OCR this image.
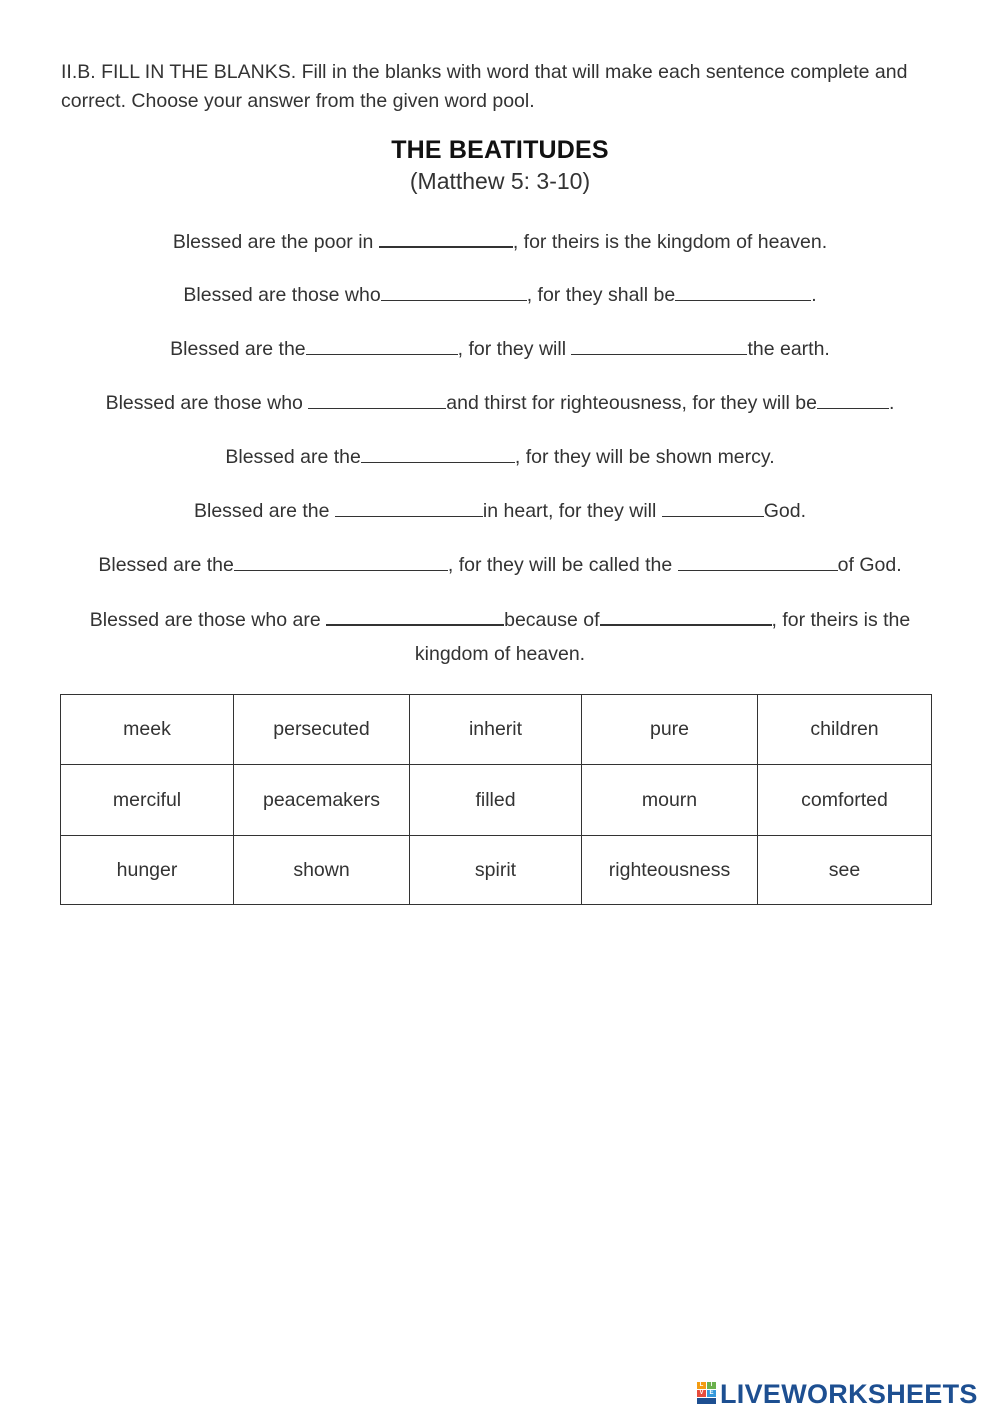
II.B. FILL IN THE BLANKS. Fill in the blanks with word that will make each sentence complete and correct. Choose your answer from the given word pool.
THE BEATITUDES
(Matthew 5: 3-10)
Blessed are the poor in	, for theirs is the kingdom of heaven.
Blessed are those who	, for they shall be	.
Blessed are the	, for they will	the earth.
Blessed are those who	and thirst for righteousness, for they will be	.
Blessed are the	, for they will be shown mercy.
Blessed are the	in heart, for they will	God.
Blessed are the	, for they will be called the	of God.
Blessed are those who are	because of	, for theirs is the
kingdom of heaven.
meek	persecuted	inherit	pure	children
merciful	peacemakers	filled	mourn	comforted
hunger	shown	spirit	righteousness	see
L	I
V E LIVEWORKSHEETS
